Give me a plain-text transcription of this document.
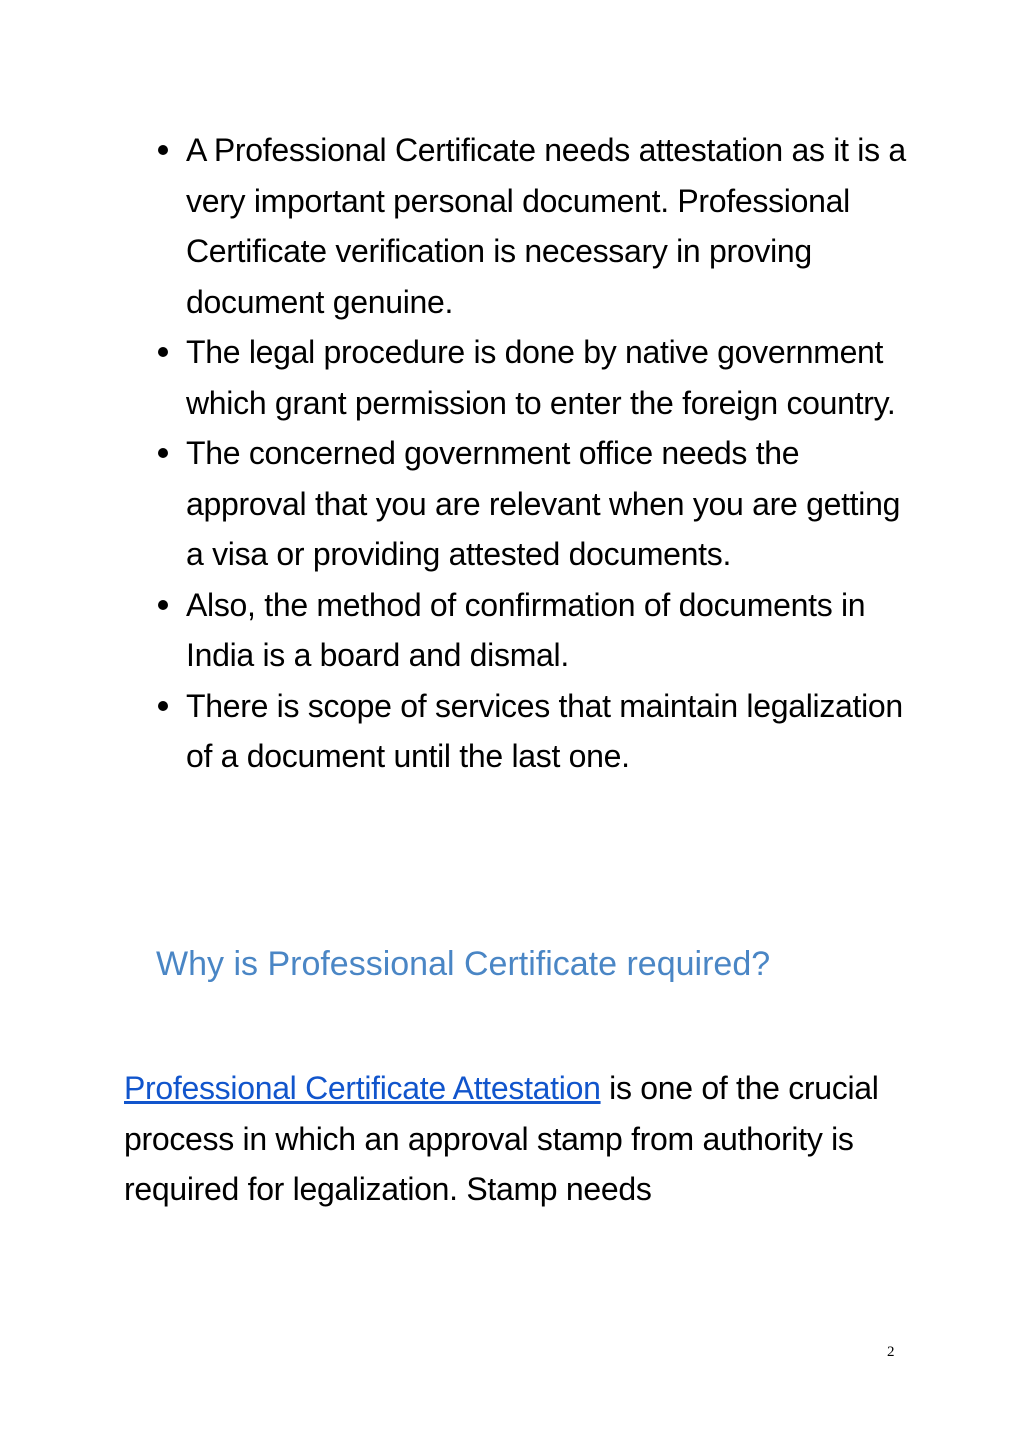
A Professional Certificate needs attestation as it is a very important personal document. Professional Certificate verification is necessary in proving document genuine.
The legal procedure is done by native government which grant permission to enter the foreign country.
The concerned government office needs the approval that you are relevant when you are getting a visa or providing attested documents.
Also, the method of confirmation of documents in India is a board and dismal.
There is scope of services that maintain legalization of a document until the last one.
Why is Professional Certificate required?

Professional Certificate Attestation is one of the crucial process in which an approval stamp from authority is required for legalization. Stamp needs

2
